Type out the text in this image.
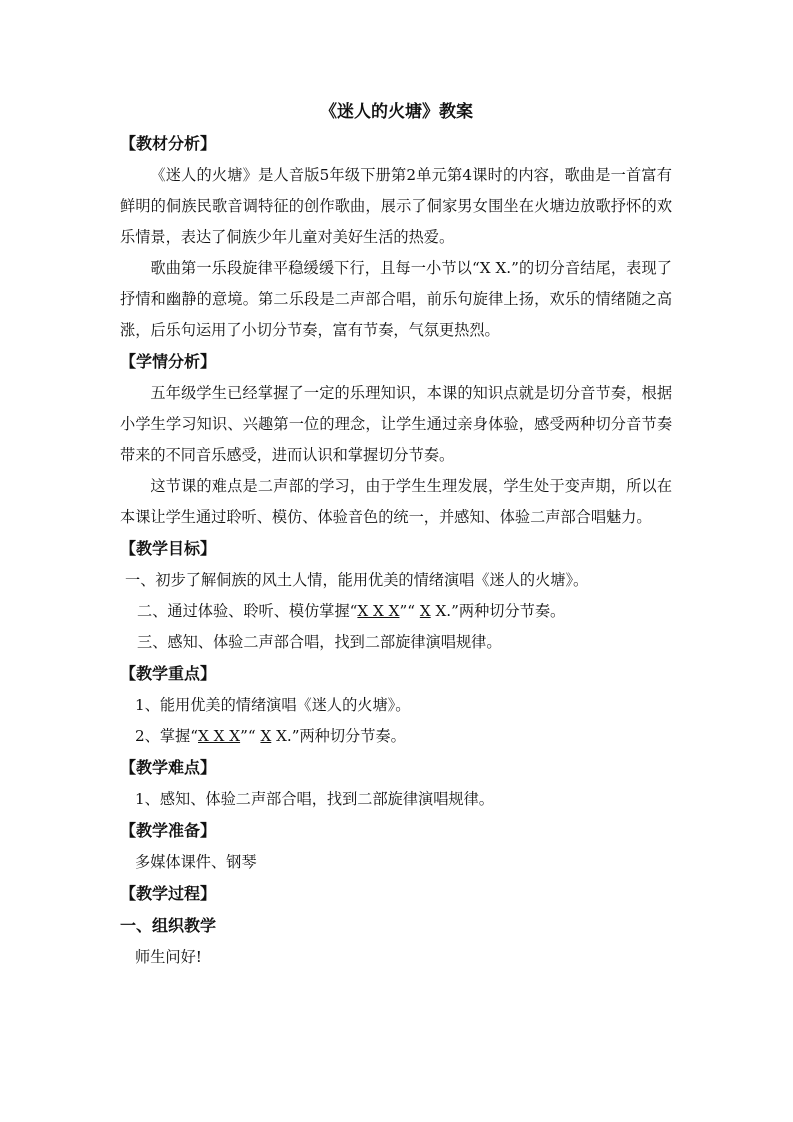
《迷人的火塘》教案
【教材分析】
《迷人的火塘》是人音版5年级下册第2单元第4课时的内容，歌曲是一首富有鲜明的侗族民歌音调特征的创作歌曲，展示了侗家男女围坐在火塘边放歌抒怀的欢乐情景，表达了侗族少年儿童对美好生活的热爱。
歌曲第一乐段旋律平稳缓缓下行，且每一小节以“X X.”的切分音结尾，表现了抒情和幽静的意境。第二乐段是二声部合唱，前乐句旋律上扬，欢乐的情绪随之高涨，后乐句运用了小切分节奏，富有节奏，气氛更热烈。
【学情分析】
五年级学生已经掌握了一定的乐理知识，本课的知识点就是切分音节奏，根据小学生学习知识、兴趣第一位的理念，让学生通过亲身体验，感受两种切分音节奏带来的不同音乐感受，进而认识和掌握切分节奏。
这节课的难点是二声部的学习，由于学生生理发展，学生处于变声期，所以在本课让学生通过聆听、模仿、体验音色的统一，并感知、体验二声部合唱魅力。
【教学目标】
一、初步了解侗族的风土人情，能用优美的情绪演唱《迷人的火塘》。
二、通过体验、聆听、模仿掌握“X X X”“ X X.”两种切分节奏。
三、感知、体验二声部合唱，找到二部旋律演唱规律。
【教学重点】
1、能用优美的情绪演唱《迷人的火塘》。
2、掌握“X X X”“ X X.”两种切分节奏。
【教学难点】
1、感知、体验二声部合唱，找到二部旋律演唱规律。
【教学准备】
多媒体课件、钢琴
【教学过程】
一、组织教学
师生问好!
